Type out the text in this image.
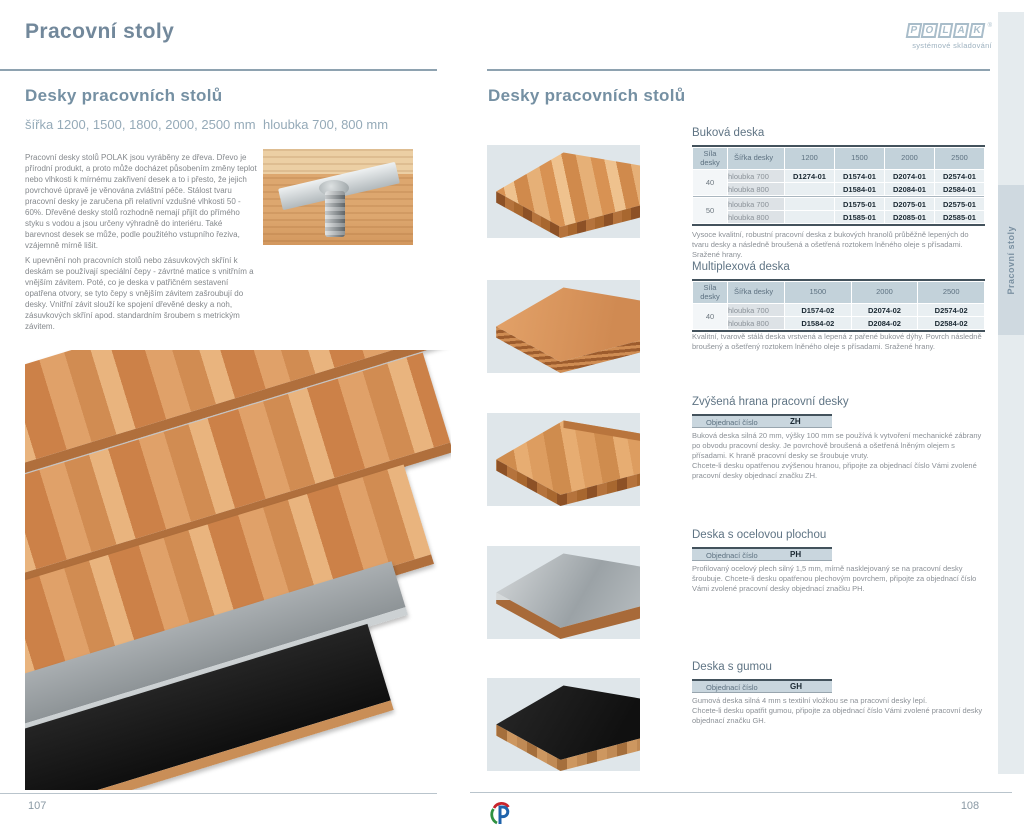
Pracovní stoly	P O L A K ®
systémové skladování
Pracovní stoly
Desky pracovních stolů
šířka 1200, 1500, 1800, 2000, 2500 mm hloubka 700, 800 mm
Pracovní desky stolů POLAK jsou vyráběny ze dřeva. Dřevo je přírodní produkt, a proto může docházet působením změny teplot nebo vlhkosti k mírnému zakřivení desek a to i přesto, že jejich povrchové úpravě je věnována zvláštní péče. Stálost tvaru pracovní desky je zaručena při relativní vzdušné vlhkosti 50 - 60%. Dřevěné desky stolů rozhodně nemají přijít do přímého styku s vodou a jsou určeny výhradně do interiéru. Také barevnost desek se může, podle použitého vstupního řeziva, vzájemně mírně lišit.
K upevnění noh pracovních stolů nebo zásuvkových skříní k deskám se používají speciální čepy - závrtné matice s vnitřním a vnějším závitem. Poté, co je deska v patřičném sestavení opatřena otvory, se tyto čepy s vnějším závitem zašroubují do desky. Vnitřní závit slouží ke spojení dřevěné desky a noh, zásuvkových skříní apod. standardním šroubem s metrickým závitem.
Desky pracovních stolů
Buková deska
Síla desky	Šířka desky	1200	1500	2000	2500
40	hloubka 700	D1274-01	D1574-01	D2074-01	D2574-01
	hloubka 800		D1584-01	D2084-01	D2584-01

50	hloubka 700		D1575-01	D2075-01	D2575-01
	hloubka 800		D1585-01	D2085-01	D2585-01
Vysoce kvalitní, robustní pracovní deska z bukových hranolů průběžně lepených do tvaru desky a následně broušená a ošetřená roztokem lněného oleje s přísadami. Sražené hrany.
Multiplexová deska
Síla desky	Šířka desky	1500	2000	2500
40	hloubka 700	D1574-02	D2074-02	D2574-02
	hloubka 800	D1584-02	D2084-02	D2584-02
Kvalitní, tvarově stálá deska vrstvená a lepená z pařené bukové dýhy. Povrch následně broušený a ošetřený roztokem lněného oleje s přísadami. Sražené hrany.
Zvýšená hrana pracovní desky
Objednací číslo	ZH

Buková deska silná 20 mm, výšky 100 mm se používá k vytvoření mechanické zábrany po obvodu pracovní desky. Je povrchově broušená a ošetřená lněným olejem s přísadami. K hraně pracovní desky se šroubuje vruty.

Chcete-li desku opatřenou zvýšenou hranou, připojte za objednací číslo Vámi zvolené pracovní desky objednací značku ZH.

Deska s ocelovou plochou
Objednací číslo	PH
Profilovaný ocelový plech silný 1,5 mm, mírně nasklejovaný se na pracovní desky šroubuje. Chcete-li desku opatřenou plechovým povrchem, připojte za objednací číslo Vámi zvolené pracovní desky objednací značku PH.
Deska s gumou
Objednací číslo	GH

Gumová deska silná 4 mm s textilní vložkou se na pracovní desky lepí.

Chcete-li desku opatřit gumou, připojte za objednací číslo Vámi zvolené pracovní desky objednací značku GH.

107	108
